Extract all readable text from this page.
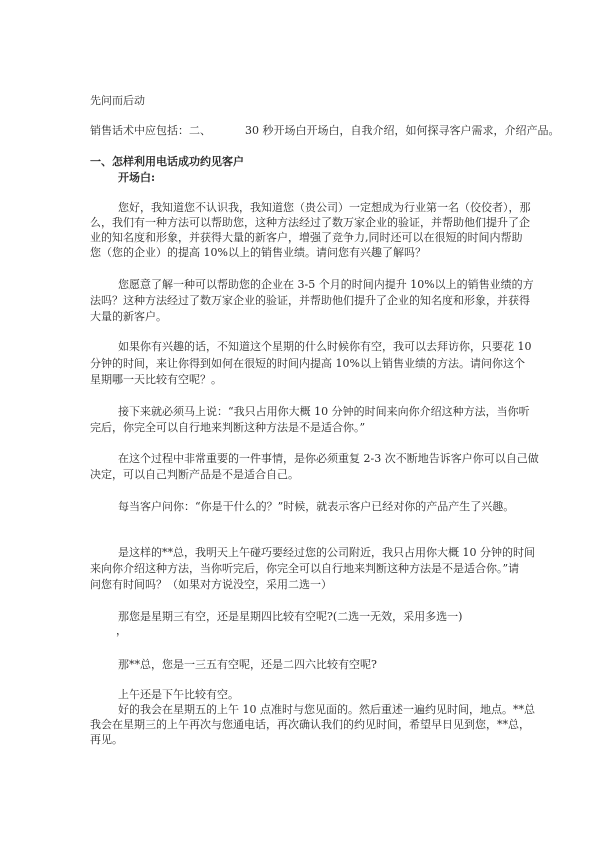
先问而后动
销售话术中应包括：二、	30 秒开场白开场白，自我介绍，如何探寻客户需求，介绍产品。
一、怎样利用电话成功约见客户
开场白:
您好，我知道您不认识我，我知道您（贵公司）一定想成为行业第一名（佼佼者），那
么，我们有一种方法可以帮助您，这种方法经过了数万家企业的验证，并帮助他们提升了企
业的知名度和形象，并获得大量的新客户，增强了竞争力,同时还可以在很短的时间内帮助
您（您的企业）的提高 10%以上的销售业绩。请问您有兴趣了解吗？
您愿意了解一种可以帮助您的企业在 3-5 个月的时间内提升 10%以上的销售业绩的方
法吗？这种方法经过了数万家企业的验证，并帮助他们提升了企业的知名度和形象，并获得
大量的新客户。
如果你有兴趣的话，不知道这个星期的什么时候你有空，我可以去拜访你，只要花 10
分钟的时间，来让你得到如何在很短的时间内提高 10%以上销售业绩的方法。请问你这个
星期哪一天比较有空呢？。
接下来就必须马上说：“我只占用你大概 10 分钟的时间来向你介绍这种方法，当你听
完后，你完全可以自行地来判断这种方法是不是适合你。”
在这个过程中非常重要的一件事情，是你必须重复 2-3 次不断地告诉客户你可以自己做
决定，可以自己判断产品是不是适合自己。
每当客户问你：“你是干什么的？”时候，就表示客户已经对你的产品产生了兴趣。
是这样的**总，我明天上午碰巧要经过您的公司附近，我只占用你大概 10 分钟的时间
来向你介绍这种方法，当你听完后，你完全可以自行地来判断这种方法是不是适合你。”请
问您有时间吗？（如果对方说没空，采用二选一）
那您是星期三有空，还是星期四比较有空呢?(二选一无效，采用多选一)
，
那**总，您是一三五有空呢，还是二四六比较有空呢?
上午还是下午比较有空。
好的我会在星期五的上午 10 点准时与您见面的。然后重述一遍约见时间，地点。**总
我会在星期三的上午再次与您通电话，再次确认我们的约见时间，希望早日见到您，**总，
再见。
